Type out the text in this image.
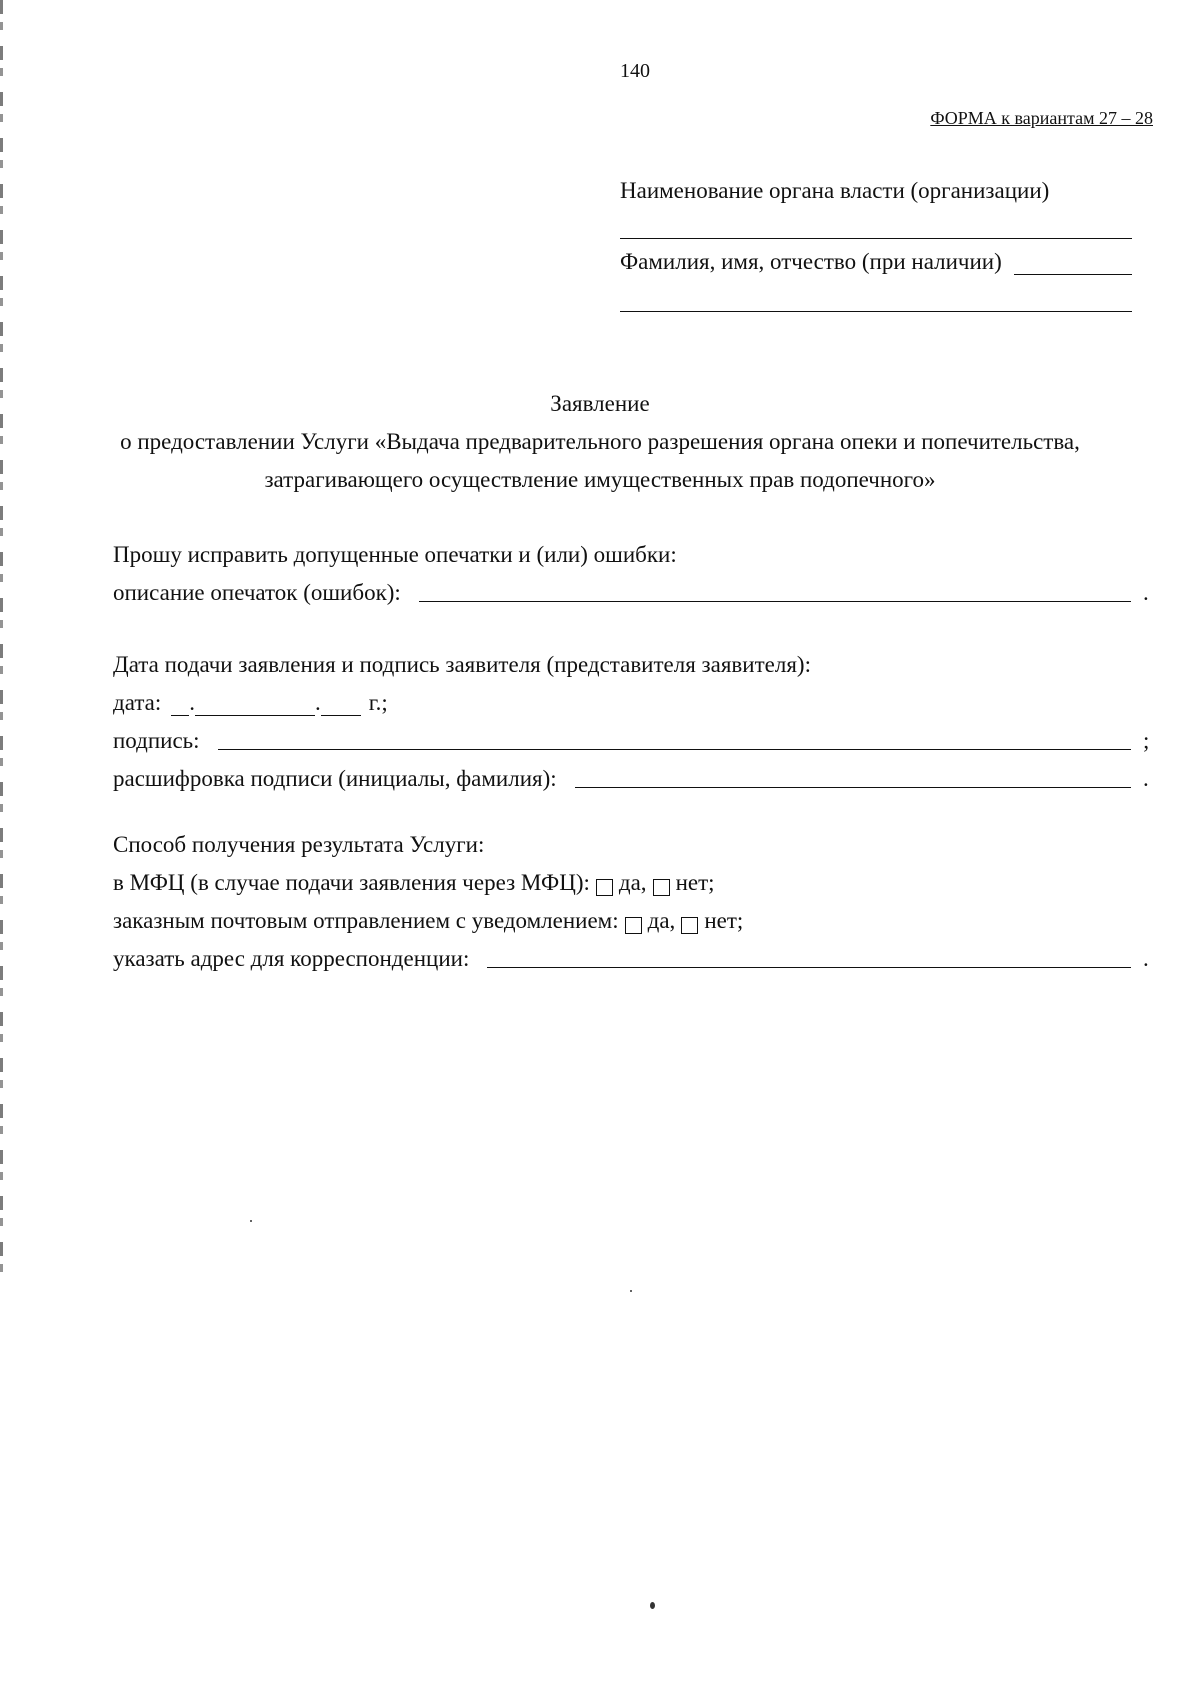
140
ФОРМА к вариантам 27 – 28
Наименование органа власти (организации)
Фамилия, имя, отчество (при наличии)
Заявление
о предоставлении Услуги «Выдача предварительного разрешения органа опеки и попечительства,
затрагивающего осуществление имущественных прав подопечного»
Прошу исправить допущенные опечатки и (или) ошибки:
описание опечаток (ошибок):	.
Дата подачи заявления и подпись заявителя (представителя заявителя):
дата: .	. г.;
подпись:	;
расшифровка подписи (инициалы, фамилия):	.
Способ получения результата Услуги:
в МФЦ (в случае подачи заявления через МФЦ): да, нет;
заказным почтовым отправлением с уведомлением: да, нет;
указать адрес для корреспонденции:	.
